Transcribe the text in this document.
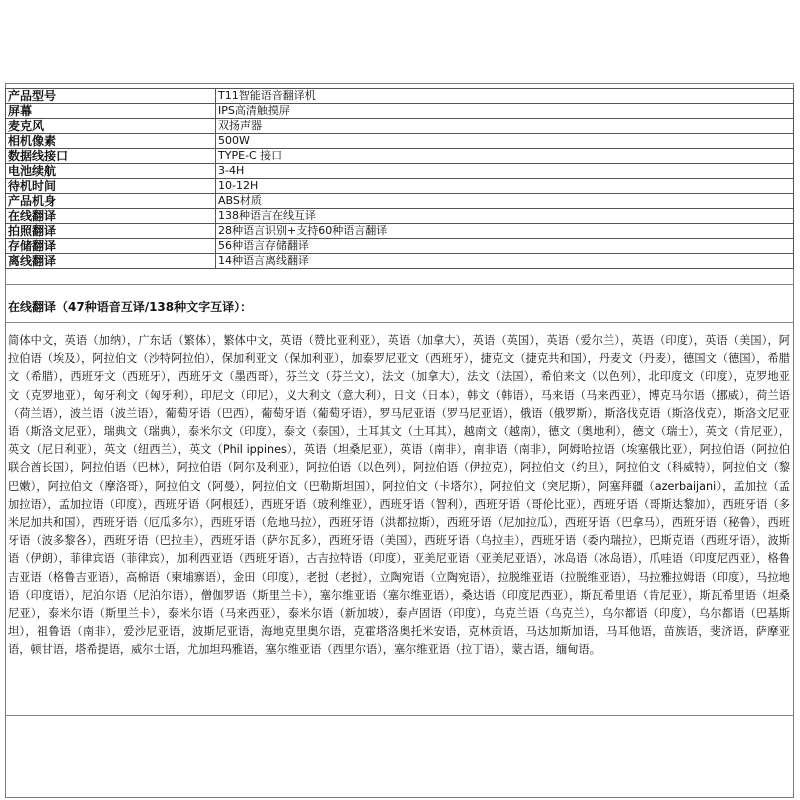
产品型号	T11智能语音翻译机
屏幕	IPS高清触摸屏
麦克风	双扬声器
相机像素	500W
数据线接口	TYPE-C 接口
电池续航	3-4H
待机时间	10-12H
产品机身	ABS材质
在线翻译	138种语言在线互译
拍照翻译	28种语言识别+支持60种语言翻译
存储翻译	56种语言存储翻译
离线翻译	14种语言离线翻译
在线翻译（47种语音互译/138种文字互译）：
简体中文，英语（加纳），广东话（繁体），繁体中文，英语（赞比亚利亚），英语（加拿大），英语（英国），英语（爱尔兰），英语（印度），英语（美国），阿拉伯语（埃及），阿拉伯文（沙特阿拉伯），保加利亚文（保加利亚），加泰罗尼亚文（西班牙），捷克文（捷克共和国），丹麦文（丹麦），德国文（德国），希腊文（希腊），西班牙文（西班牙），西班牙文（墨西哥），芬兰文（芬兰文），法文（加拿大），法文（法国），希伯来文（以色列），北印度文（印度），克罗地亚文（克罗地亚），匈牙利文（匈牙利），印尼文（印尼），义大利文（意大利），日文（日本），韩文（韩语），马来语（马来西亚），博克马尔语（挪威），荷兰语（荷兰语），波兰语（波兰语），葡萄牙语（巴西），葡萄牙语（葡萄牙语），罗马尼亚语（罗马尼亚语），俄语（俄罗斯），斯洛伐克语（斯洛伐克），斯洛文尼亚语（斯洛文尼亚），瑞典文（瑞典），泰米尔文（印度），泰文（泰国），土耳其文（土耳其），越南文（越南），德文（奥地利），德文（瑞士），英文（肯尼亚），英文（尼日利亚），英文（纽西兰），英文（Phil ippines），英语（坦桑尼亚），英语（南非），南非语（南非），阿姆哈拉语（埃塞俄比亚），阿拉伯语（阿拉伯联合酋长国），阿拉伯语（巴林），阿拉伯语（阿尔及利亚），阿拉伯语（以色列），阿拉伯语（伊拉克），阿拉伯文（约旦），阿拉伯文（科威特），阿拉伯文（黎巴嫩），阿拉伯文（摩洛哥），阿拉伯文（阿曼），阿拉伯文（巴勒斯坦国），阿拉伯文（卡塔尔），阿拉伯文（突尼斯），阿塞拜疆（azerbaijani），孟加拉（孟加拉语），孟加拉语（印度），西班牙语（阿根廷），西班牙语（玻利维亚），西班牙语（智利），西班牙语（哥伦比亚），西班牙语（哥斯达黎加），西班牙语（多米尼加共和国），西班牙语（厄瓜多尔），西班牙语（危地马拉），西班牙语（洪都拉斯），西班牙语（尼加拉瓜），西班牙语（巴拿马），西班牙语（秘鲁），西班牙语（波多黎各），西班牙语（巴拉圭），西班牙语（萨尔瓦多），西班牙语（美国），西班牙语（乌拉圭），西班牙语（委内瑞拉），巴斯克语（西班牙语），波斯语（伊朗），菲律宾语（菲律宾），加利西亚语（西班牙语），古吉拉特语（印度），亚美尼亚语（亚美尼亚语），冰岛语（冰岛语），爪哇语（印度尼西亚），格鲁吉亚语（格鲁吉亚语），高棉语（柬埔寨语），金田（印度），老挝（老挝），立陶宛语（立陶宛语），拉脱维亚语（拉脱维亚语），马拉雅拉姆语（印度），马拉地语（印度语），尼泊尔语（尼泊尔语），僧伽罗语（斯里兰卡），塞尔维亚语（塞尔维亚语），桑达语（印度尼西亚），斯瓦希里语（肯尼亚），斯瓦希里语（坦桑尼亚），泰米尔语（斯里兰卡），泰米尔语（马来西亚），泰米尔语（新加坡），泰卢固语（印度），乌克兰语（乌克兰），乌尔都语（印度），乌尔都语（巴基斯坦），祖鲁语（南非），爱沙尼亚语，波斯尼亚语，海地克里奥尔语，克霍塔洛奥托米安语，克林贡语，马达加斯加语，马耳他语，苗族语，斐济语，萨摩亚语，顿甘语，塔希提语，威尔士语，尤加坦玛雅语，塞尔维亚语（西里尔语），塞尔维亚语（拉丁语），蒙古语，缅甸语。
